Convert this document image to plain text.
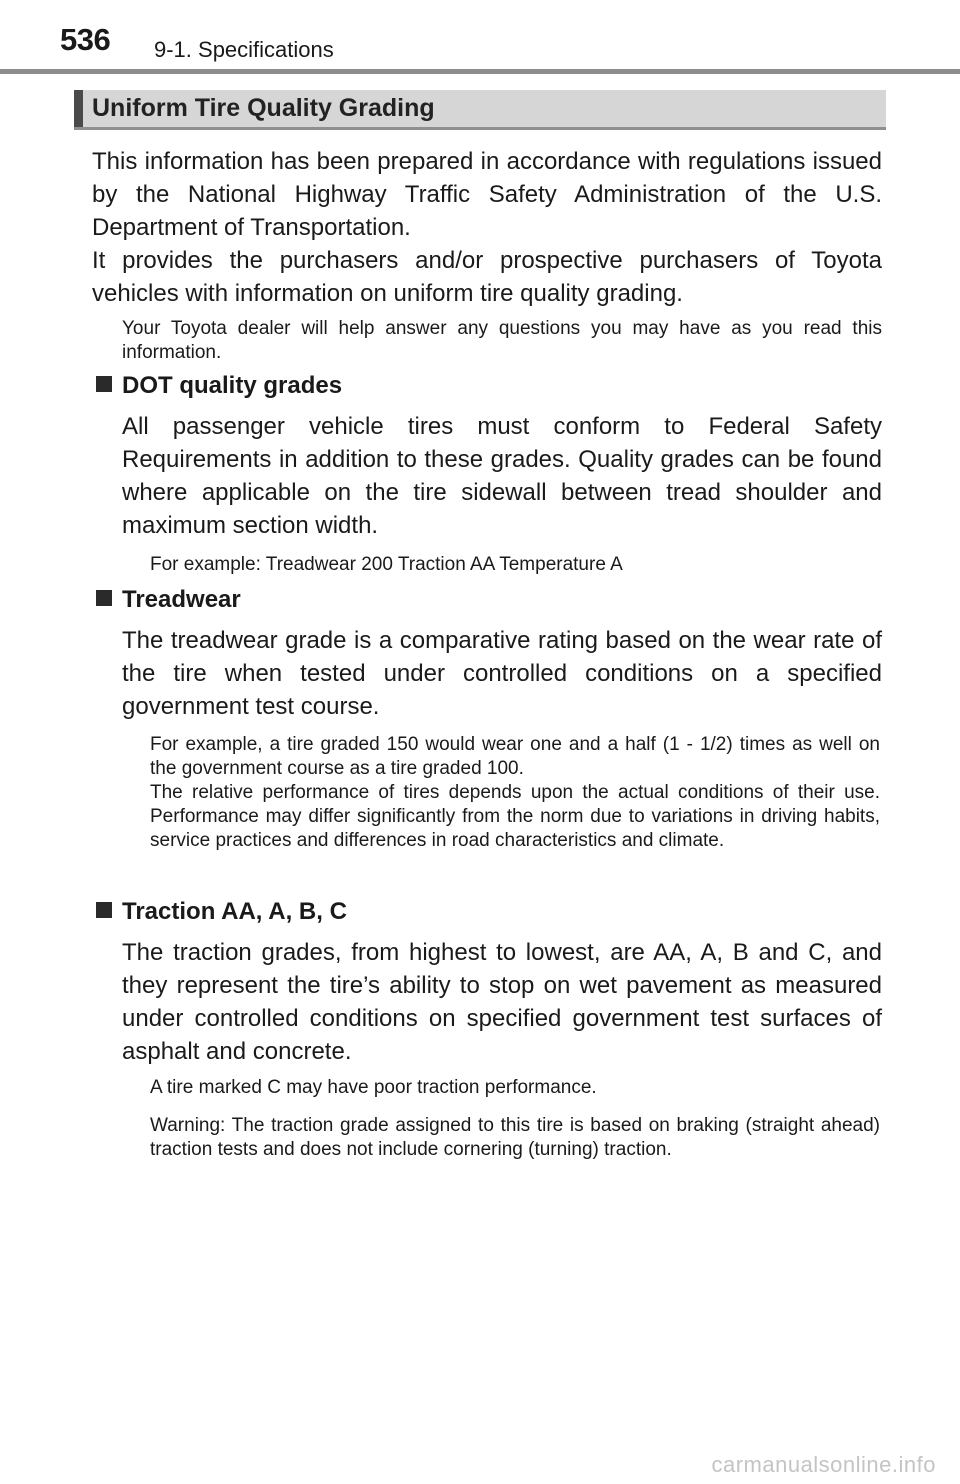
536 9-1. Specifications
Uniform Tire Quality Grading

This information has been prepared in accordance with regulations issued by the National Highway Traffic Safety Administration of the U.S. Department of Transportation.

It provides the purchasers and/or prospective purchasers of Toyota vehicles with information on uniform tire quality grading.

Your Toyota dealer will help answer any questions you may have as you read this information.

DOT quality grades

All passenger vehicle tires must conform to Federal Safety Requirements in addition to these grades. Quality grades can be found where applicable on the tire sidewall between tread shoulder and maximum section width.

For example: Treadwear 200 Traction AA Temperature A

Treadwear

The treadwear grade is a comparative rating based on the wear rate of the tire when tested under controlled conditions on a specified government test course.

For example, a tire graded 150 would wear one and a half (1 - 1/2) times as well on the government course as a tire graded 100.

The relative performance of tires depends upon the actual conditions of their use. Performance may differ significantly from the norm due to variations in driving habits, service practices and differences in road characteristics and climate.

Traction AA, A, B, C

The traction grades, from highest to lowest, are AA, A, B and C, and they represent the tire’s ability to stop on wet pavement as measured under controlled conditions on specified government test surfaces of asphalt and concrete.

A tire marked C may have poor traction performance.

Warning: The traction grade assigned to this tire is based on braking (straight ahead) traction tests and does not include cornering (turning) traction.

carmanualsonline.info
